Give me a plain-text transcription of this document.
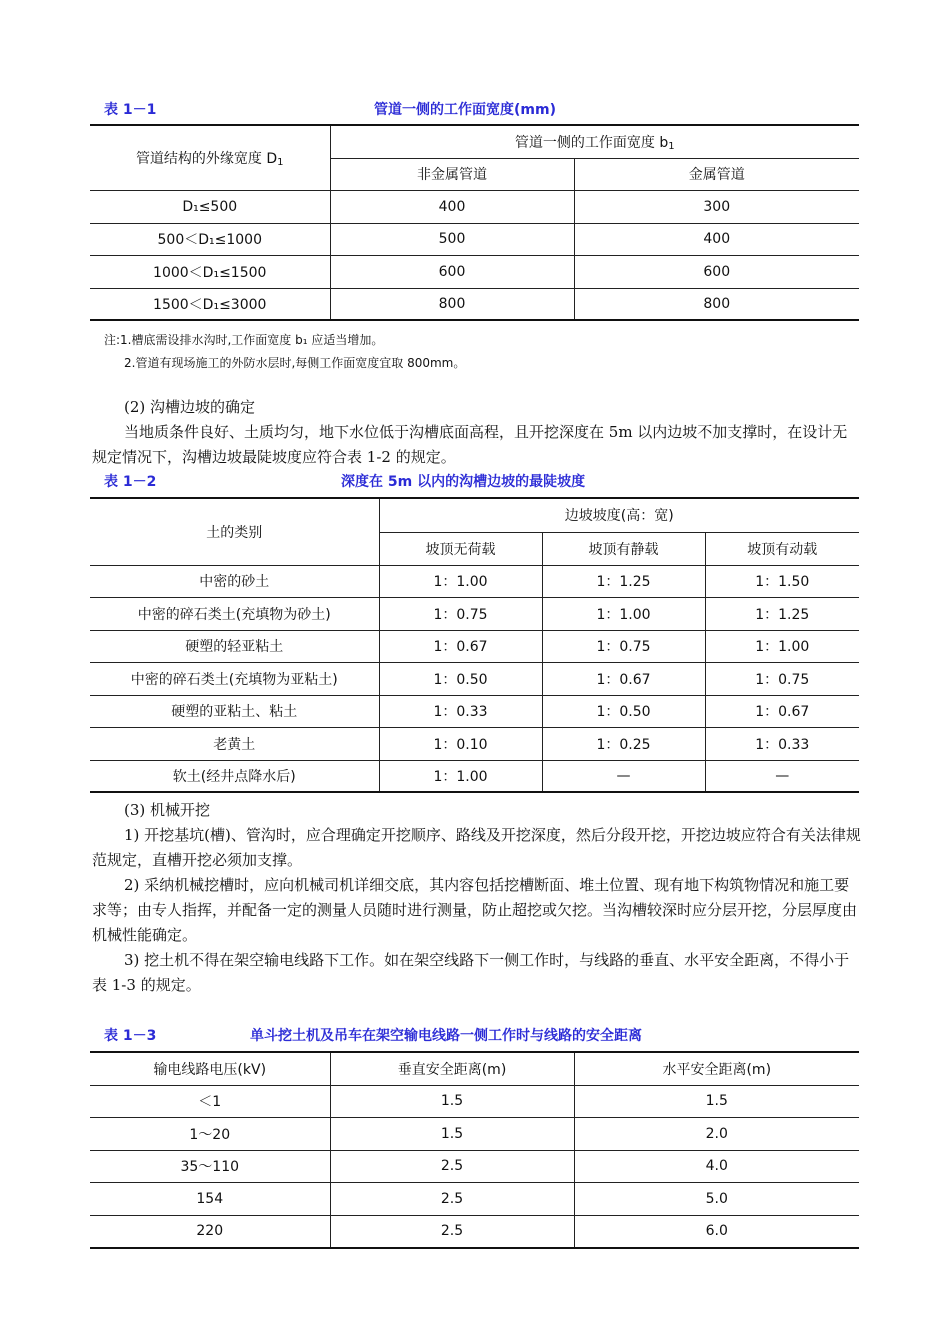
表 1－1	管道一侧的工作面宽度(mm)
管道结构的外缘宽度 $D_1$	管道一侧的工作面宽度 $b_1$
	非金属管道	金属管道
D₁≤500	400	300
500＜D₁≤1000	500	400
1000＜D₁≤1500	600	600
1500＜D₁≤3000	800	800
注:1.槽底需设排水沟时,工作面宽度 b₁ 应适当增加。
2.管道有现场施工的外防水层时,每侧工作面宽度宜取 800mm。
(2) 沟槽边坡的确定
当地质条件良好、土质均匀，地下水位低于沟槽底面高程，且开挖深度在 5m 以内边坡不加支撑时，在设计无规定情况下，沟槽边坡最陡坡度应符合表 1-2 的规定。
表 1－2	深度在 5m 以内的沟槽边坡的最陡坡度
土的类别	边坡坡度(高：宽)		
	坡顶无荷载	坡顶有静载	坡顶有动载
中密的砂土	1：1.00	1：1.25	1：1.50
中密的碎石类土(充填物为砂土)	1：0.75	1：1.00	1：1.25
硬塑的轻亚粘土	1：0.67	1：0.75	1：1.00
中密的碎石类土(充填物为亚粘土)	1：0.50	1：0.67	1：0.75
硬塑的亚粘土、粘土	1：0.33	1：0.50	1：0.67
老黄土	1：0.10	1：0.25	1：0.33
软土(经井点降水后)	1：1.00	—	—
(3) 机械开挖
1) 开挖基坑(槽)、管沟时，应合理确定开挖顺序、路线及开挖深度，然后分段开挖，开挖边坡应符合有关法律规范规定，直槽开挖必须加支撑。
2) 采纳机械挖槽时，应向机械司机详细交底，其内容包括挖槽断面、堆土位置、现有地下构筑物情况和施工要求等；由专人指挥，并配备一定的测量人员随时进行测量，防止超挖或欠挖。当沟槽较深时应分层开挖，分层厚度由机械性能确定。
3) 挖土机不得在架空输电线路下工作。如在架空线路下一侧工作时，与线路的垂直、水平安全距离，不得小于表 1-3 的规定。
表 1－3	单斗挖土机及吊车在架空输电线路一侧工作时与线路的安全距离
输电线路电压(kV)	垂直安全距离(m)	水平安全距离(m)
＜1	1.5	1.5
1～20	1.5	2.0
35～110	2.5	4.0
154	2.5	5.0
220	2.5	6.0
